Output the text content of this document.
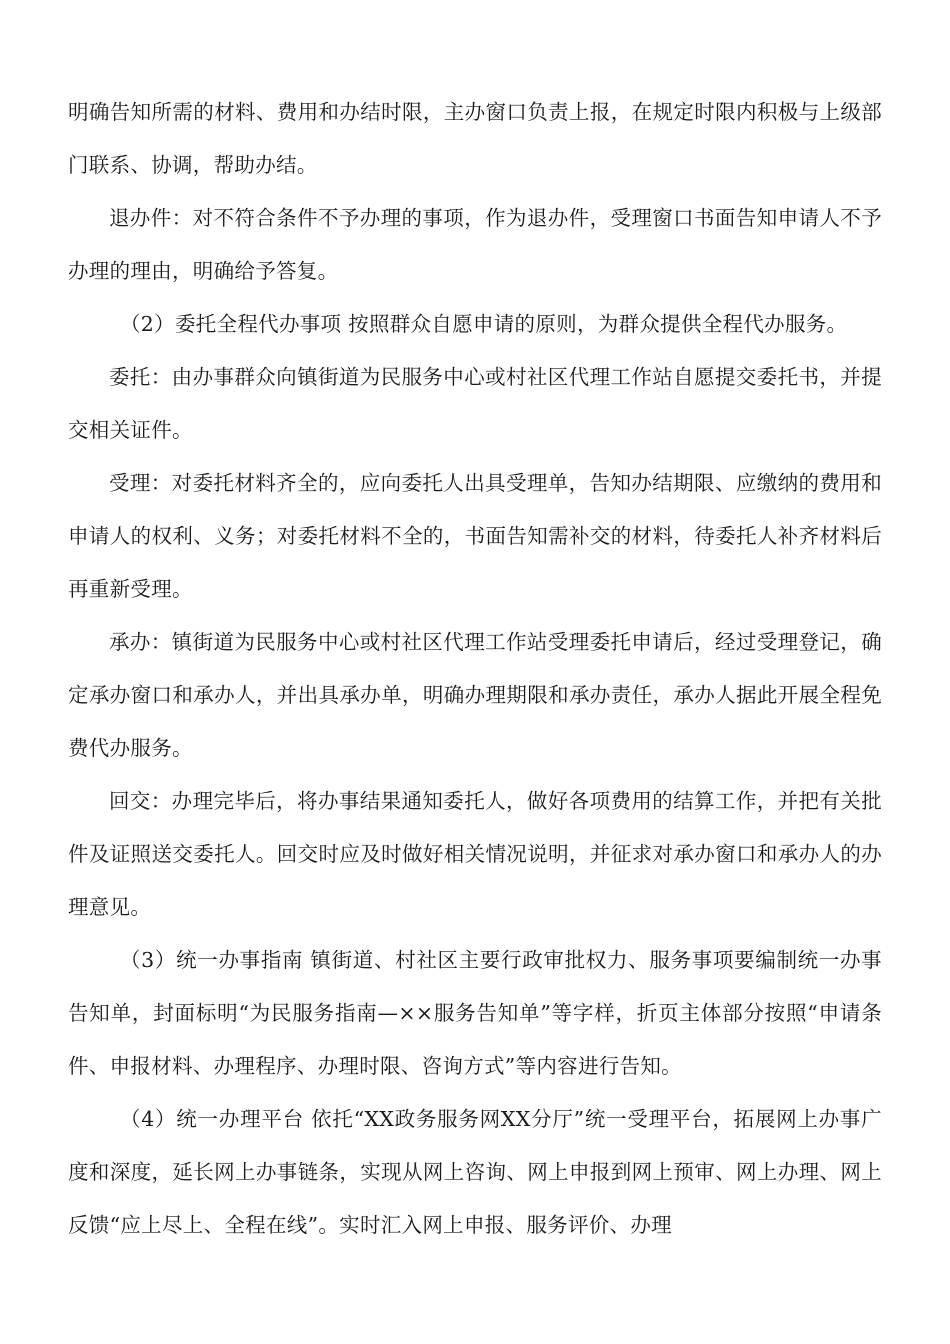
明确告知所需的材料、费用和办结时限，主办窗口负责上报，在规定时限内积极与上级部门联系、协调，帮助办结。

退办件：对不符合条件不予办理的事项，作为退办件，受理窗口书面告知申请人不予办理的理由，明确给予答复。

（2）委托全程代办事项 按照群众自愿申请的原则，为群众提供全程代办服务。

委托：由办事群众向镇街道为民服务中心或村社区代理工作站自愿提交委托书，并提交相关证件。

受理：对委托材料齐全的，应向委托人出具受理单，告知办结期限、应缴纳的费用和申请人的权利、义务；对委托材料不全的，书面告知需补交的材料，待委托人补齐材料后再重新受理。

承办：镇街道为民服务中心或村社区代理工作站受理委托申请后，经过受理登记，确定承办窗口和承办人，并出具承办单，明确办理期限和承办责任，承办人据此开展全程免费代办服务。

回交：办理完毕后，将办事结果通知委托人，做好各项费用的结算工作，并把有关批件及证照送交委托人。回交时应及时做好相关情况说明，并征求对承办窗口和承办人的办理意见。

（3）统一办事指南 镇街道、村社区主要行政审批权力、服务事项要编制统一办事告知单，封面标明“为民服务指南—××服务告知单”等字样，折页主体部分按照“申请条件、申报材料、办理程序、办理时限、咨询方式”等内容进行告知。

（4）统一办理平台 依托“XX政务服务网XX分厅”统一受理平台，拓展网上办事广度和深度，延长网上办事链条，实现从网上咨询、网上申报到网上预审、网上办理、网上反馈“应上尽上、全程在线”。实时汇入网上申报、服务评价、办理
